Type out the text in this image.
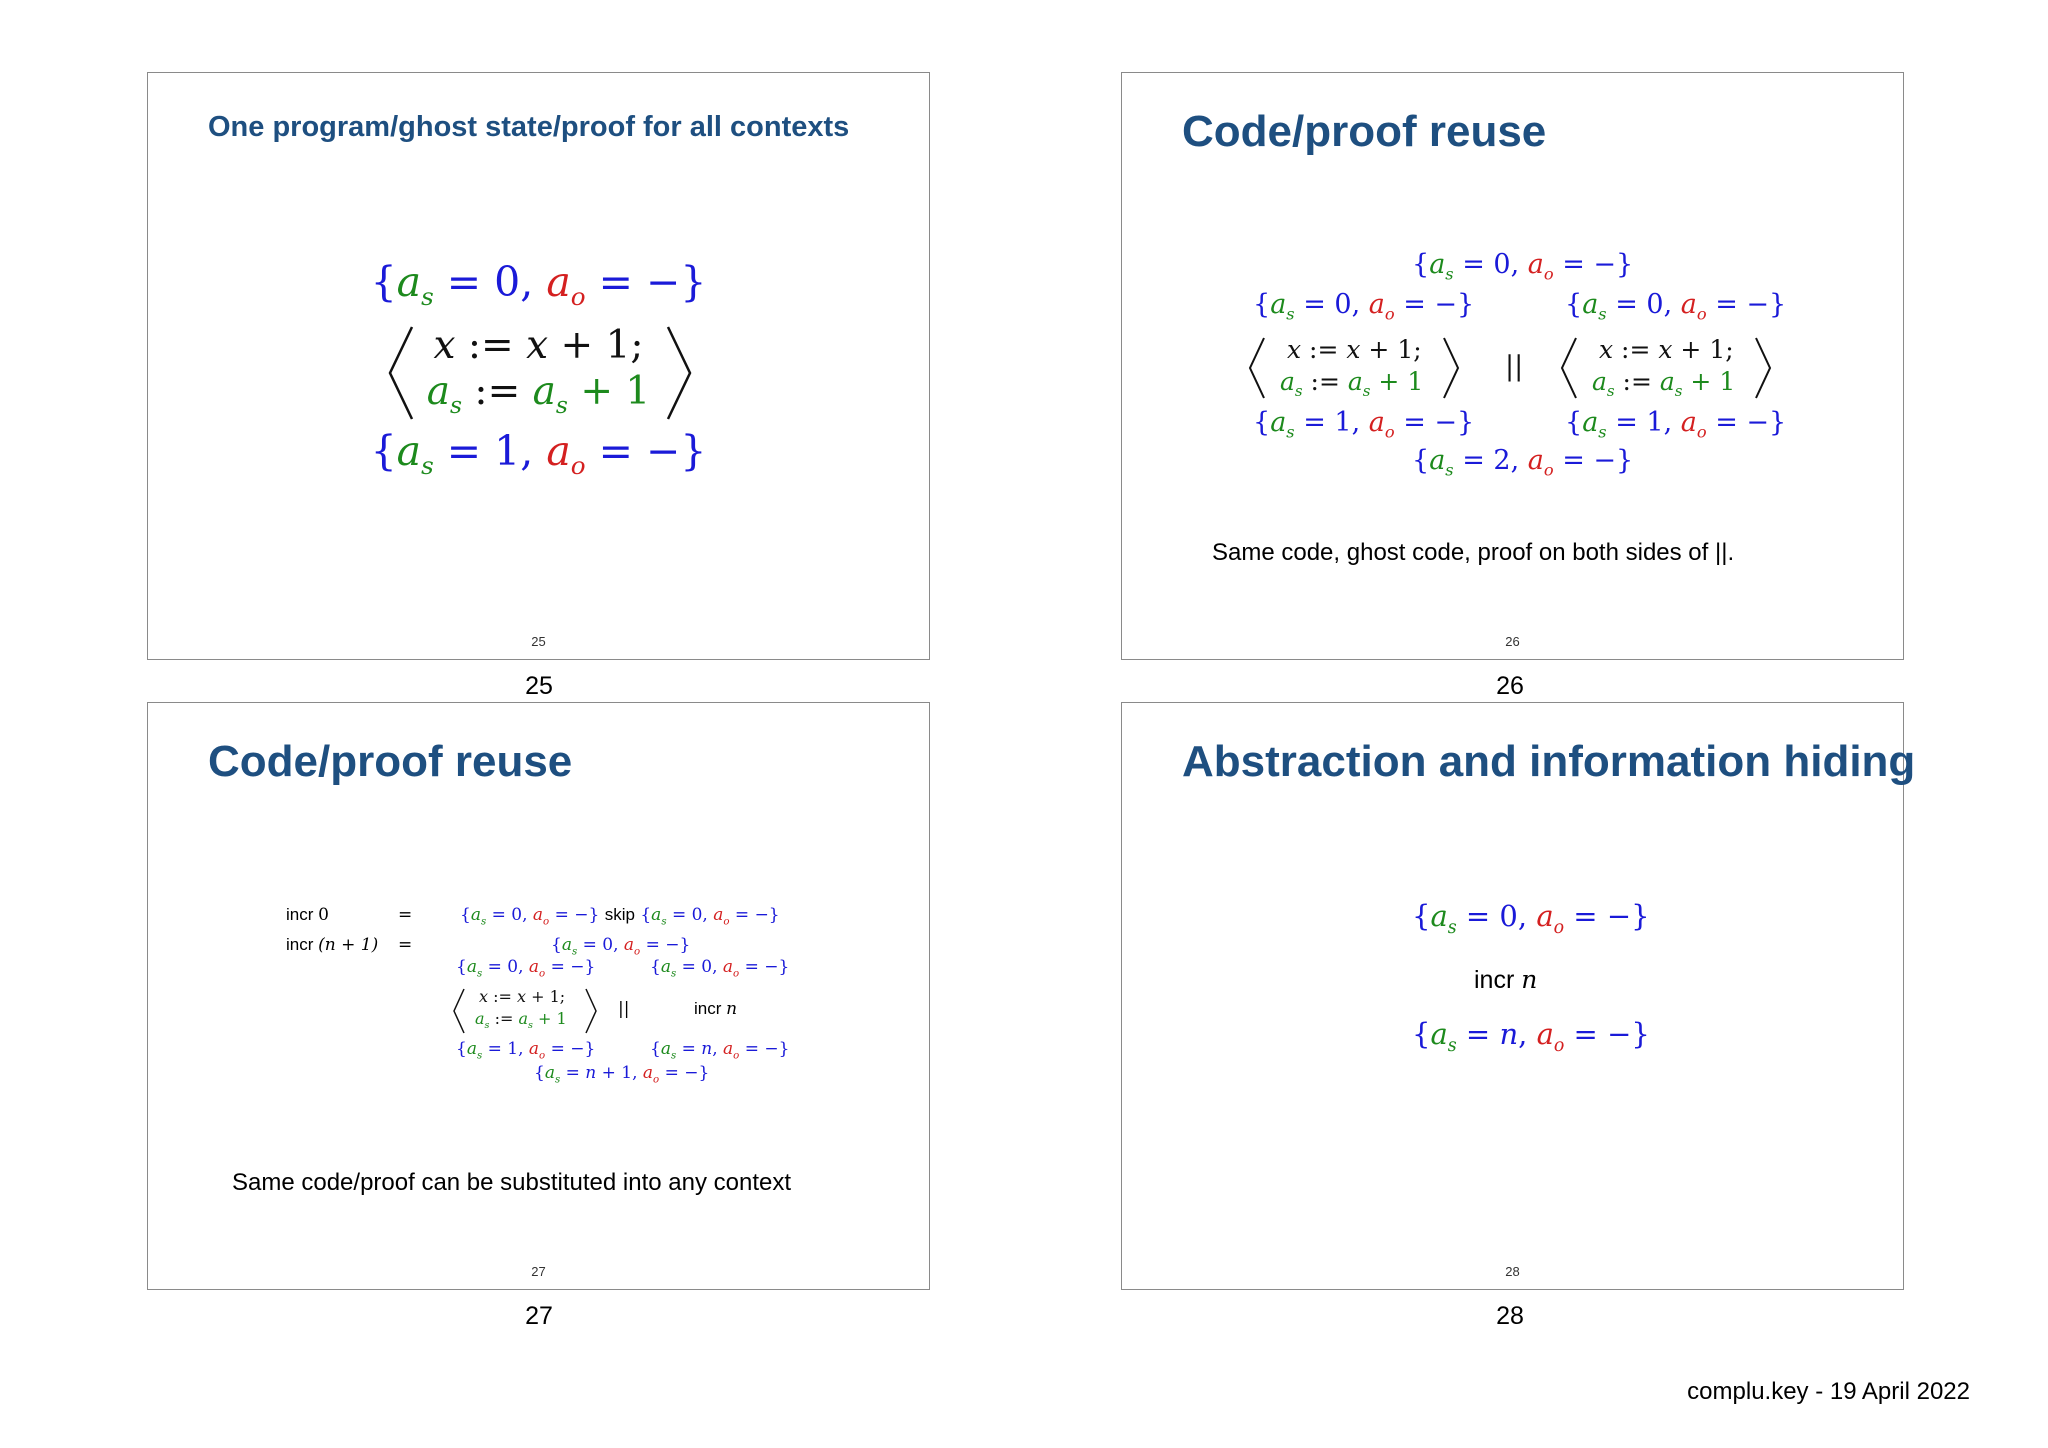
One program/ghost state/proof for all contexts
{$a_s = 0$, $a_o$ = −}
x := x + 1;
$a_s$ := $a_s + 1$
{$a_s = 1$, $a_o$ = −}
25
25
Code/proof reuse
{$a_s = 0$, $a_o$ = −}
{$a_s = 0$, $a_o$ = −}
x := x + 1;
$a_s$ := $a_s + 1$
{$a_s = 1$, $a_o$ = −}
||
{$a_s = 0$, $a_o$ = −}
x := x + 1;
$a_s$ := $a_s + 1$
{$a_s = 1$, $a_o$ = −}
{$a_s = 2$, $a_o$ = −}
Same code, ghost code, proof on both sides of ||.
26
26
Code/proof reuse
incr 0	=	{$a_s = 0$, $a_o$ = −} skip {$a_s = 0$, $a_o$ = −}
incr (n + 1) =	{$a_s = 0$, $a_o$ = −}
{$a_s = 0$, $a_o$ = −}	{$a_s = 0$, $a_o$ = −}
x := x + 1;
$a_s$ := $a_s + 1$	||	incr n
{$a_s = 1$, $a_o$ = −}	{$a_s = n$, $a_o$ = −}
{$a_s = n + 1$, $a_o$ = −}
Same code/proof can be substituted into any context
27
27
Abstraction and information hiding
{$a_s = 0$, $a_o$ = −}
incr n
{$a_s = n$, $a_o$ = −}
28
28
complu.key - 19 April 2022
